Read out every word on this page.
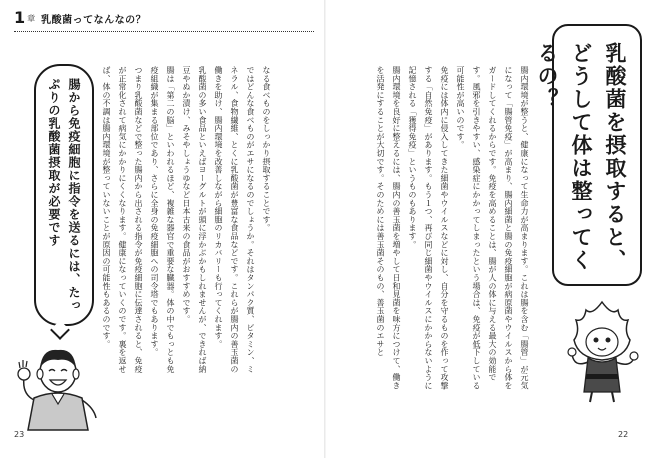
1 章 乳酸菌ってなんなの？
腸から免疫細胞に指令を送るには、たっぷりの乳酸菌摂取が必要です	なる食べものをしっかり摂取することです。
ではどんな食べものがエサになるのでしょうか。それはタンパク質、ビタミン、ミネラル、食物繊維、とくに乳酸菌が豊富な食品などです。これらが腸内の善玉菌の働きを助け、腸内環境を改善しながら細胞のリカバリーも行ってくれます。
乳酸菌の多い食品といえばヨーグルトが頭に浮かぶかもしれませんが、できれば納豆やぬか漬け、みそやしょうゆなど日本古来の食品がおすすめです。
腸は「第二の脳」といわれるほど、複雑な器官で重要な臓器。体の中でもっとも免疫組織が集まる部位であり、さらに全身の免疫細胞への司令塔でもあります。
つまり乳酸菌などで整った腸内から出される指令が免疫細胞に伝達されると、免疫が正常化されて病気にかかりにくくなります。健康になっていくのです。裏を返せば、体の不調は腸内環境が整っていないことが原因の可能性もあるのです。
23
腸内環境が整うと、健康になって生命力が高まります。これは腸を含む「腸管」が元気になって「腸管免疫」が高まり、腸内細菌と腸の免疫細胞が病原菌やウイルスから体をガードしてくれるからです。免疫を高めることは、腸が人の体に与える最大の効能です。風邪を引きやすい、感染症にかかってしまったという場合は、免疫が低下している可能性が高いのです。
免疫には体内に侵入してきた細菌やウイルスなどに対し、自分を守るものを作って攻撃する「自然免疫」があります。もう１つ、再び同じ細菌やウイルスにかからないように記憶される「獲得免疫」というものもあります。
腸内環境を良好に整えるには、腸内の善玉菌を増やして日和見菌を味方につけて、働きを活発にすることが大切です。そのためには善玉菌そのもの、善玉菌のエサと	乳酸菌を摂取すると、どうして体は整ってくるの？
22
